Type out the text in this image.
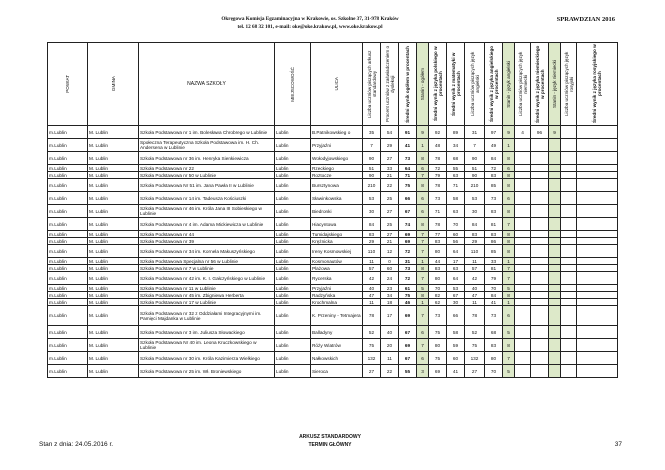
Okręgowa Komisja Egzaminacyjna w Krakowie, os. Szkolne 37, 31-978 Kraków
tel. 12 68 32 101, e-mail: oke@oke.krakow.pl, www.oke.krakow.pl
SPRAWDZIAN 2016
POWIAT	GMINA	NAZWA SZKOŁY	MIEJSCOWOŚĆ	ULICA	Liczba uczniów piszących arkusz standardowy	Procent uczniów z zaświadczeniem o dysleksji	Średni wynik ogółem w procentach	Stanin - ogółem	Średni wynik z języka polskiego w procentach	Średni wynik z matematyki w procentach	Liczba uczniów piszących język angielski	Średni wynik z języka angielskiego w procentach	Stanin - język angielski	Liczba uczniów piszących język niemiecki	Średni wynik z języka niemieckiego w procentach	Stanin - język niemiecki	Liczba uczniów piszących język rosyjski	Średni wynik z języka rosyjskiego w procentach

m.Lublin	M. Lublin	Szkoła Podstawowa nr 1 im. Bolesława Chrobrego w Lublinie	Lublin	B.Patnikowskieg o	35	54	91	9	92	89	31	97	9	4	96	9		
m.Lublin	M. Lublin	Społeczna Terapeutyczna Szkoła Podstawowa im. H. Ch. Andersena w Lublinie	Lublin	Przyjaźni	7	29	41	1	48	34	7	49	1					
m.Lublin	M. Lublin	Szkoła Podstawowa nr 36 im. Henryka Sienkiewicza	Lublin	Wołodyjowskiego	90	27	73	8	78	68	90	84	8					
m.Lublin	M. Lublin	Szkoła Podstawowa nr 22	Lublin	Rzeckiego	51	33	64	6	72	55	51	72	6					
m.Lublin	M. Lublin	Szkoła Podstawowa nr 50 w Lublinie	Lublin	Roztocze	90	21	71	7	79	63	90	83	8					
m.Lublin	M. Lublin	Szkoła Podstawowa Nr 51 im. Jana Pawła II w Lublinie	Lublin	Bursztynowa	210	22	75	8	78	71	210	85	8					
m.Lublin	M. Lublin	Szkoła Podstawowa nr 14 im. Tadeusza Kościuszki	Lublin	Sławinkowska	53	25	66	6	73	58	53	73	6					
m.Lublin	M. Lublin	Szkoła Podstawowa nr 46 im. Króla Jana III Sobieskiego w Lublinie	Lublin	Biedronki	30	27	67	6	71	63	30	83	8					
m.Lublin	M. Lublin	Szkoła Podstawowa nr 4 im. Adama Mickiewicza w Lublinie	Lublin	Hiacyntowa	84	25	74	8	78	70	84	81	7					
m.Lublin	M. Lublin	Szkoła Podstawowa nr 44	Lublin	Tumidajskiego	83	27	69	7	77	60	83	83	8					
m.Lublin	M. Lublin	Szkoła Podstawowa nr 39	Lublin	Krężnicka	29	21	69	7	83	56	29	86	8					
m.Lublin	M. Lublin	Szkoła Podstawowa nr 34 im. Kornela Makuszyńskiego	Lublin	Ireny Kosmowskiej	110	12	72	7	80	64	110	85	8					
m.Lublin	M. Lublin	Szkoła Podstawowa Specjalna nr 56 w Lublinie	Lublin	Kosmonautów	11	0	31	1	44	17	11	33	1					
m.Lublin	M. Lublin	Szkoła Podstawowa nr 7 w Lublinie	Lublin	Plażowa	57	60	73	8	83	63	57	81	7					
m.Lublin	M. Lublin	Szkoła Podstawowa nr 42 im. K. I. Gałczyńskiego w Lublinie	Lublin	Rycerska	42	24	72	7	80	64	42	79	7					
m.Lublin	M. Lublin	Szkoła Podstawowa nr 11 w Lublinie	Lublin	Przyjaźni	40	23	61	5	70	53	40	70	5					
m.Lublin	M. Lublin	Szkoła Podstawowa nr 45 im. Zbigniewa Herberta	Lublin	Radzyńska	47	34	75	8	82	67	47	84	8					
m.Lublin	M. Lublin	Szkoła Podstawowa nr 17 w Lublinie	Lublin	Krochmalna	11	18	46	1	62	30	11	41	1					
m.Lublin	M. Lublin	Szkoła Podstawowa nr 32 z Oddziałami Integracyjnymi im. Pamięci Majdanka w Lublinie	Lublin	K. Przeniny - Tetmajera	78	17	69	7	73	66	78	73	6					
m.Lublin	M. Lublin	Szkoła Podstawowa nr 3 im. Juliusza Słowackiego	Lublin	Balladyny	52	40	67	6	75	58	52	68	5					
m.Lublin	M. Lublin	Szkoła Podstawowa Nr 40 im. Leona Kruczkowskiego w Lublinie	Lublin	Róży Wiatrów	75	20	69	7	80	59	75	83	8					
m.Lublin	M. Lublin	Szkoła Podstawowa nr 30 im. Króla Kazimierza Wielkiego	Lublin	Nałkowskich	132	11	67	6	75	60	132	80	7					
m.Lublin	M. Lublin	Szkoła Podstawowa nr 25 im. Wł. Broniewskiego	Lublin	Sieroca	27	22	55	3	69	41	27	70	5					
Stan z dnia: 24.05.2016 r.
ARKUSZ STANDARDOWY
TERMIN GŁÓWNY	37
